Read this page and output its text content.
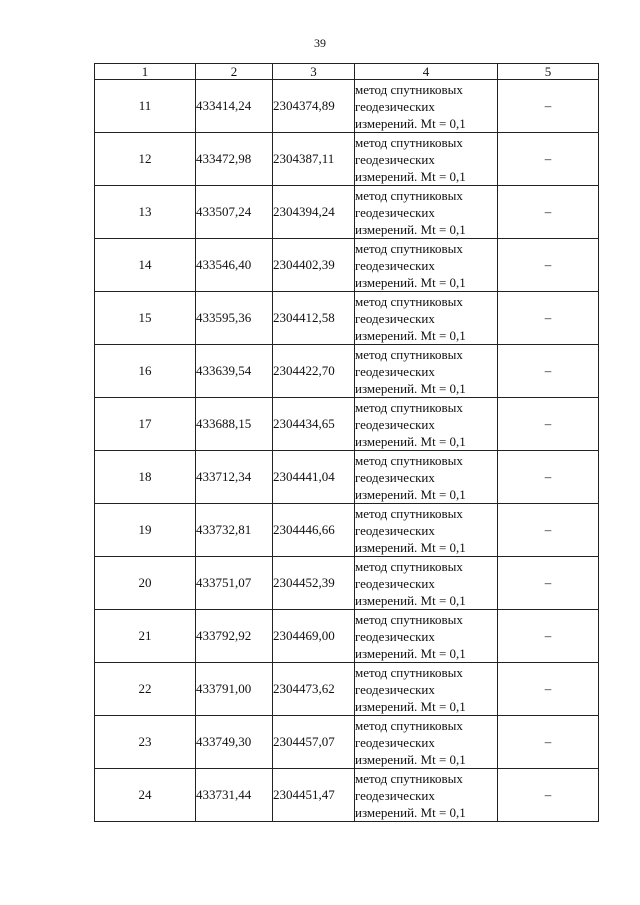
39
1	2	3	4	5
11	433414,24	2304374,89	метод спутниковых
геодезических
измерений. Mt = 0,1	–
12	433472,98	2304387,11	метод спутниковых
геодезических
измерений. Mt = 0,1	–
13	433507,24	2304394,24	метод спутниковых
геодезических
измерений. Mt = 0,1	–
14	433546,40	2304402,39	метод спутниковых
геодезических
измерений. Mt = 0,1	–
15	433595,36	2304412,58	метод спутниковых
геодезических
измерений. Mt = 0,1	–
16	433639,54	2304422,70	метод спутниковых
геодезических
измерений. Mt = 0,1	–
17	433688,15	2304434,65	метод спутниковых
геодезических
измерений. Mt = 0,1	–
18	433712,34	2304441,04	метод спутниковых
геодезических
измерений. Mt = 0,1	–
19	433732,81	2304446,66	метод спутниковых
геодезических
измерений. Mt = 0,1	–
20	433751,07	2304452,39	метод спутниковых
геодезических
измерений. Mt = 0,1	–
21	433792,92	2304469,00	метод спутниковых
геодезических
измерений. Mt = 0,1	–
22	433791,00	2304473,62	метод спутниковых
геодезических
измерений. Mt = 0,1	–
23	433749,30	2304457,07	метод спутниковых
геодезических
измерений. Mt = 0,1	–
24	433731,44	2304451,47	метод спутниковых
геодезических
измерений. Mt = 0,1	–
